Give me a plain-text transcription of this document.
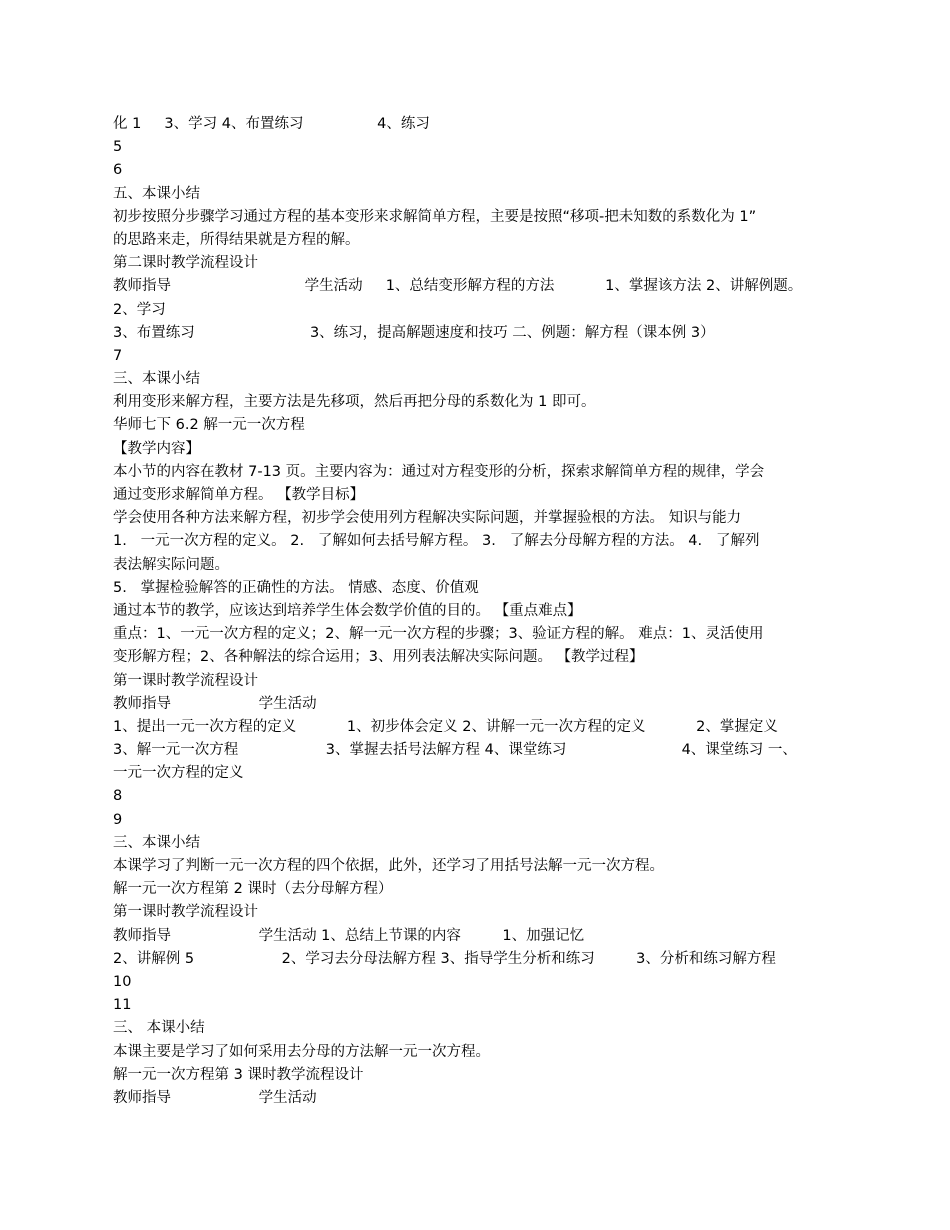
化 1     3、学习 4、布置练习                4、练习
5
6
五、本课小结
初步按照分步骤学习通过方程的基本变形来求解简单方程，主要是按照“移项-把未知数的系数化为 1”
的思路来走，所得结果就是方程的解。
第二课时教学流程设计
教师指导                             学生活动     1、总结变形解方程的方法           1、掌握该方法 2、讲解例题。
2、学习
3、布置练习                         3、练习，提高解题速度和技巧 二、例题：解方程（课本例 3）
7
三、本课小结
利用变形来解方程，主要方法是先移项，然后再把分母的系数化为 1 即可。
华师七下 6.2 解一元一次方程
【教学内容】
本小节的内容在教材 7-13 页。主要内容为：通过对方程变形的分析，探索求解简单方程的规律，学会
通过变形求解简单方程。 【教学目标】
学会使用各种方法来解方程，初步学会使用列方程解决实际问题，并掌握验根的方法。 知识与能力
1.   一元一次方程的定义。 2.   了解如何去括号解方程。 3.   了解去分母解方程的方法。 4.   了解列
表法解实际问题。
5.   掌握检验解答的正确性的方法。 情感、态度、价值观
通过本节的教学，应该达到培养学生体会数学价值的目的。 【重点难点】
重点：1、一元一次方程的定义；2、解一元一次方程的步骤；3、验证方程的解。 难点：1、灵活使用
变形解方程；2、各种解法的综合运用；3、用列表法解决实际问题。 【教学过程】
第一课时教学流程设计
教师指导                   学生活动
1、提出一元一次方程的定义           1、初步体会定义 2、讲解一元一次方程的定义           2、掌握定义
3、解一元一次方程                   3、掌握去括号法解方程 4、课堂练习                         4、课堂练习 一、
一元一次方程的定义
8
9
三、本课小结
本课学习了判断一元一次方程的四个依据，此外，还学习了用括号法解一元一次方程。
解一元一次方程第 2 课时（去分母解方程）
第一课时教学流程设计
教师指导                   学生活动 1、总结上节课的内容         1、加强记忆
2、讲解例 5                   2、学习去分母法解方程 3、指导学生分析和练习         3、分析和练习解方程
10
11
三、 本课小结
本课主要是学习了如何采用去分母的方法解一元一次方程。
解一元一次方程第 3 课时教学流程设计
教师指导                   学生活动
